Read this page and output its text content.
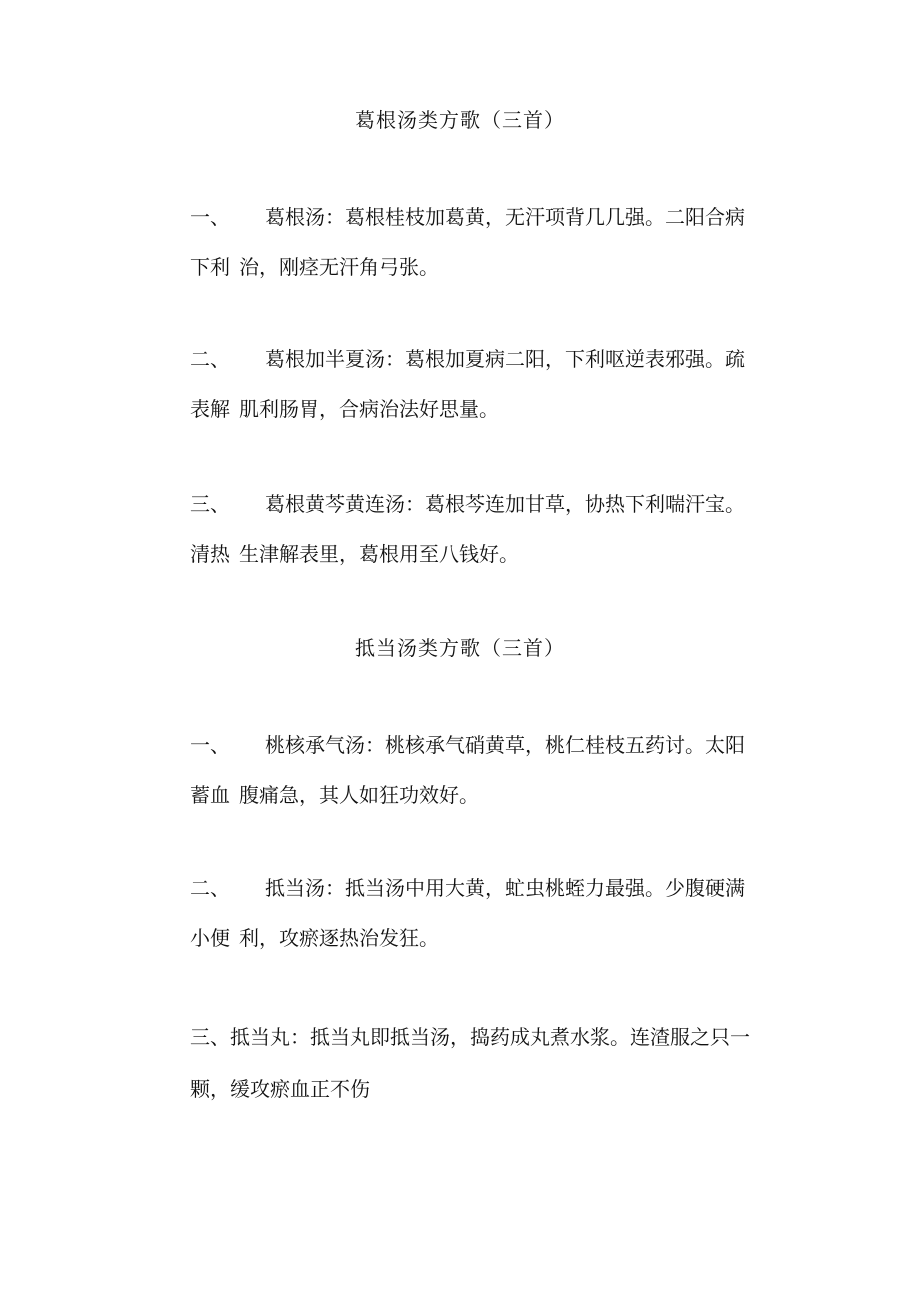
葛根汤类方歌（三首）
一、 葛根汤：葛根桂枝加葛黄，无汗项背几几强。二阳合病
下利 治，刚痉无汗角弓张。
二、 葛根加半夏汤：葛根加夏病二阳，下利呕逆表邪强。疏
表解 肌利肠胃，合病治法好思量。
三、 葛根黄芩黄连汤：葛根芩连加甘草，协热下利喘汗宝。
清热 生津解表里，葛根用至八钱好。
抵当汤类方歌（三首）
一、 桃核承气汤：桃核承气硝黄草，桃仁桂枝五药讨。太阳
蓄血 腹痛急，其人如狂功效好。
二、 抵当汤：抵当汤中用大黄，虻虫桃蛭力最强。少腹硬满
小便 利，攻瘀逐热治发狂。
三、抵当丸：抵当丸即抵当汤，捣药成丸煮水浆。连渣服之只一
颗，缓攻瘀血正不伤
